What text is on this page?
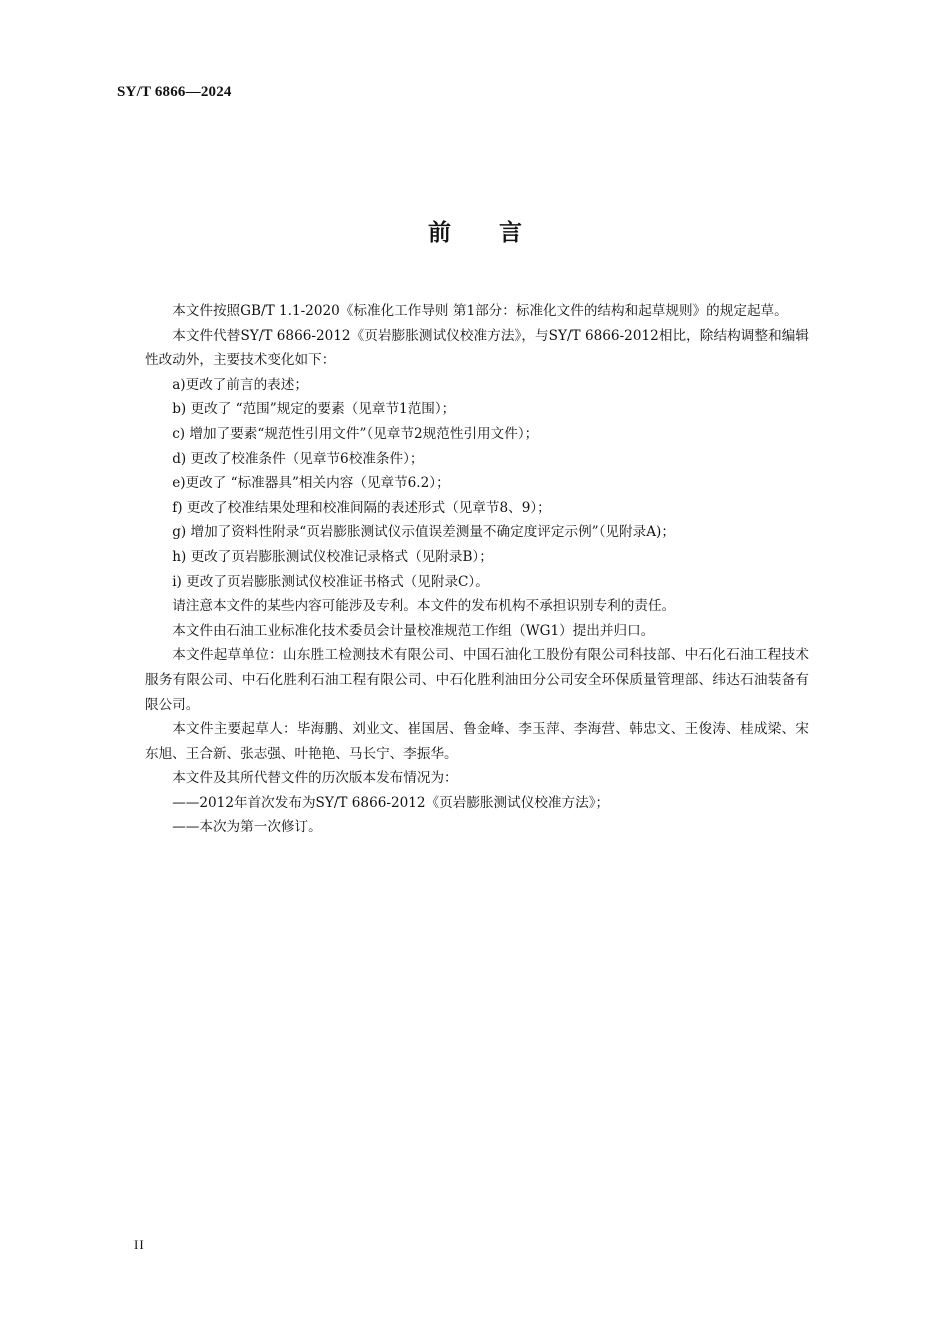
SY/T 6866—2024
前言

本文件按照GB/T 1.1-2020《标准化工作导则 第1部分：标准化文件的结构和起草规则》的规定起草。

本文件代替SY/T 6866-2012《页岩膨胀测试仪校准方法》，与SY/T 6866-2012相比，除结构调整和编辑性改动外，主要技术变化如下：

a)更改了前言的表述；

b) 更改了 “范围”规定的要素（见章节1范围）；

c) 增加了要素“规范性引用文件”（见章节2规范性引用文件）；

d) 更改了校准条件（见章节6校准条件）；

e)更改了 “标准器具”相关内容（见章节6.2）；

f) 更改了校准结果处理和校准间隔的表述形式（见章节8、9）；

g) 增加了资料性附录“页岩膨胀测试仪示值误差测量不确定度评定示例”（见附录A)；

h) 更改了页岩膨胀测试仪校准记录格式（见附录B）；

i) 更改了页岩膨胀测试仪校准证书格式（见附录C）。

请注意本文件的某些内容可能涉及专利。本文件的发布机构不承担识别专利的责任。

本文件由石油工业标准化技术委员会计量校准规范工作组（WG1）提出并归口。

本文件起草单位：山东胜工检测技术有限公司、中国石油化工股份有限公司科技部、中石化石油工程技术服务有限公司、中石化胜利石油工程有限公司、中石化胜利油田分公司安全环保质量管理部、纬达石油装备有限公司。

本文件主要起草人：毕海鹏、刘业文、崔国居、鲁金峰、李玉萍、李海营、韩忠文、王俊涛、桂成梁、宋东旭、王合新、张志强、叶艳艳、马长宁、李振华。

本文件及其所代替文件的历次版本发布情况为：

——2012年首次发布为SY/T 6866-2012《页岩膨胀测试仪校准方法》；

——本次为第一次修订。

II
